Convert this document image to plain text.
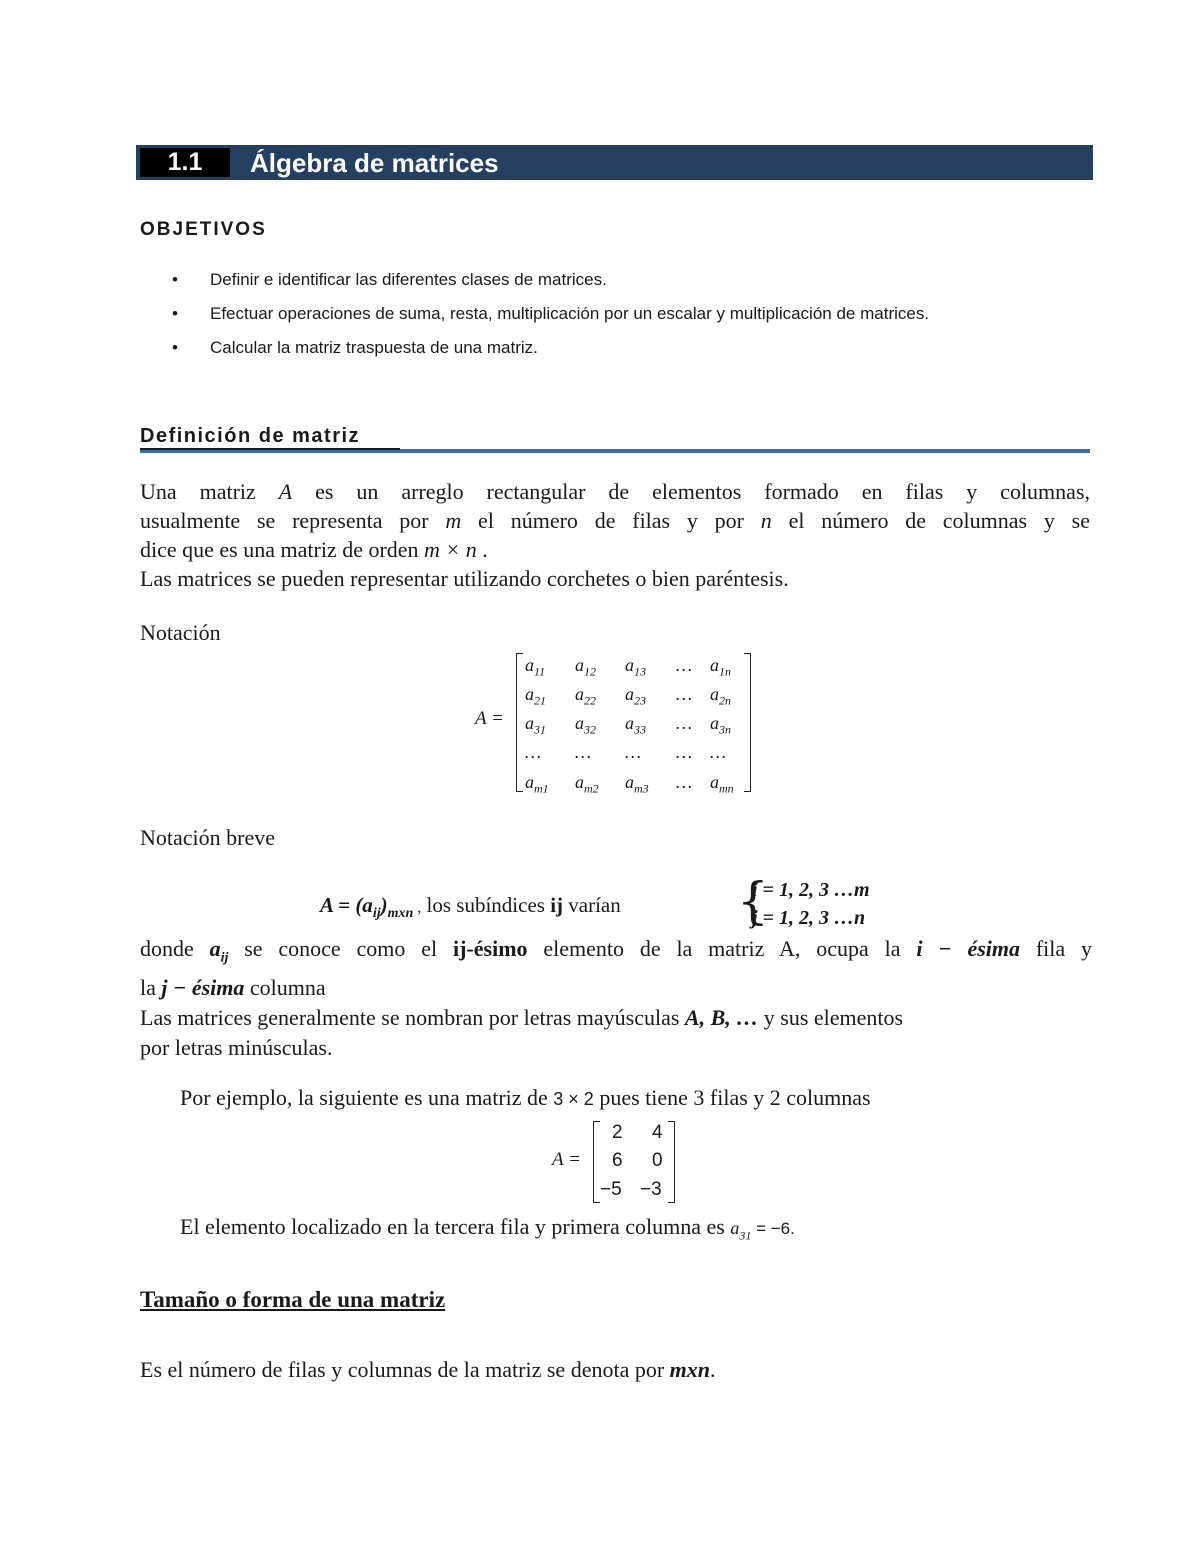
1.1	Álgebra de matrices
OBJETIVOS
• Definir e identificar las diferentes clases de matrices.
• Efectuar operaciones de suma, resta, multiplicación por un escalar y multiplicación de matrices.
• Calcular la matriz traspuesta de una matriz.
Definición de matriz
Una matriz A es un arreglo rectangular de elementos formado en filas y columnas,
usualmente se representa por m el número de filas y por n el número de columnas y se
dice que es una matriz de orden m × n .
Las matrices se pueden representar utilizando corchetes o bien paréntesis.
Notación
A =
$a_{11}$ $a_{12}$ $a_{13}$ … $a_{1n}$
$a_{21}$ $a_{22}$ $a_{23}$ … $a_{2n}$
$a_{31}$ $a_{32}$ $a_{33}$ … $a_{3n}$
… … … … …
$a_{m1}$ $a_{m2}$ $a_{m3}$ … $a_{mn}$
Notación breve
$A = (a_{ij})_{mxn}$ , los subíndices ij varían {
i = 1, 2, 3 …m
j = 1, 2, 3 …n
donde $a_{ij}$ se conoce como el ij-ésimo elemento de la matriz A, ocupa la i − ésima fila y
la j − ésima columna
Las matrices generalmente se nombran por letras mayúsculas A, B, … y sus elementos
por letras minúsculas.
Por ejemplo, la siguiente es una matriz de 3 × 2 pues tiene 3 filas y 2 columnas
A =
2 4
6 0
−5 −3
El elemento localizado en la tercera fila y primera columna es $a_{31} = -6$.
Tamaño o forma de una matriz
Es el número de filas y columnas de la matriz se denota por mxn.
